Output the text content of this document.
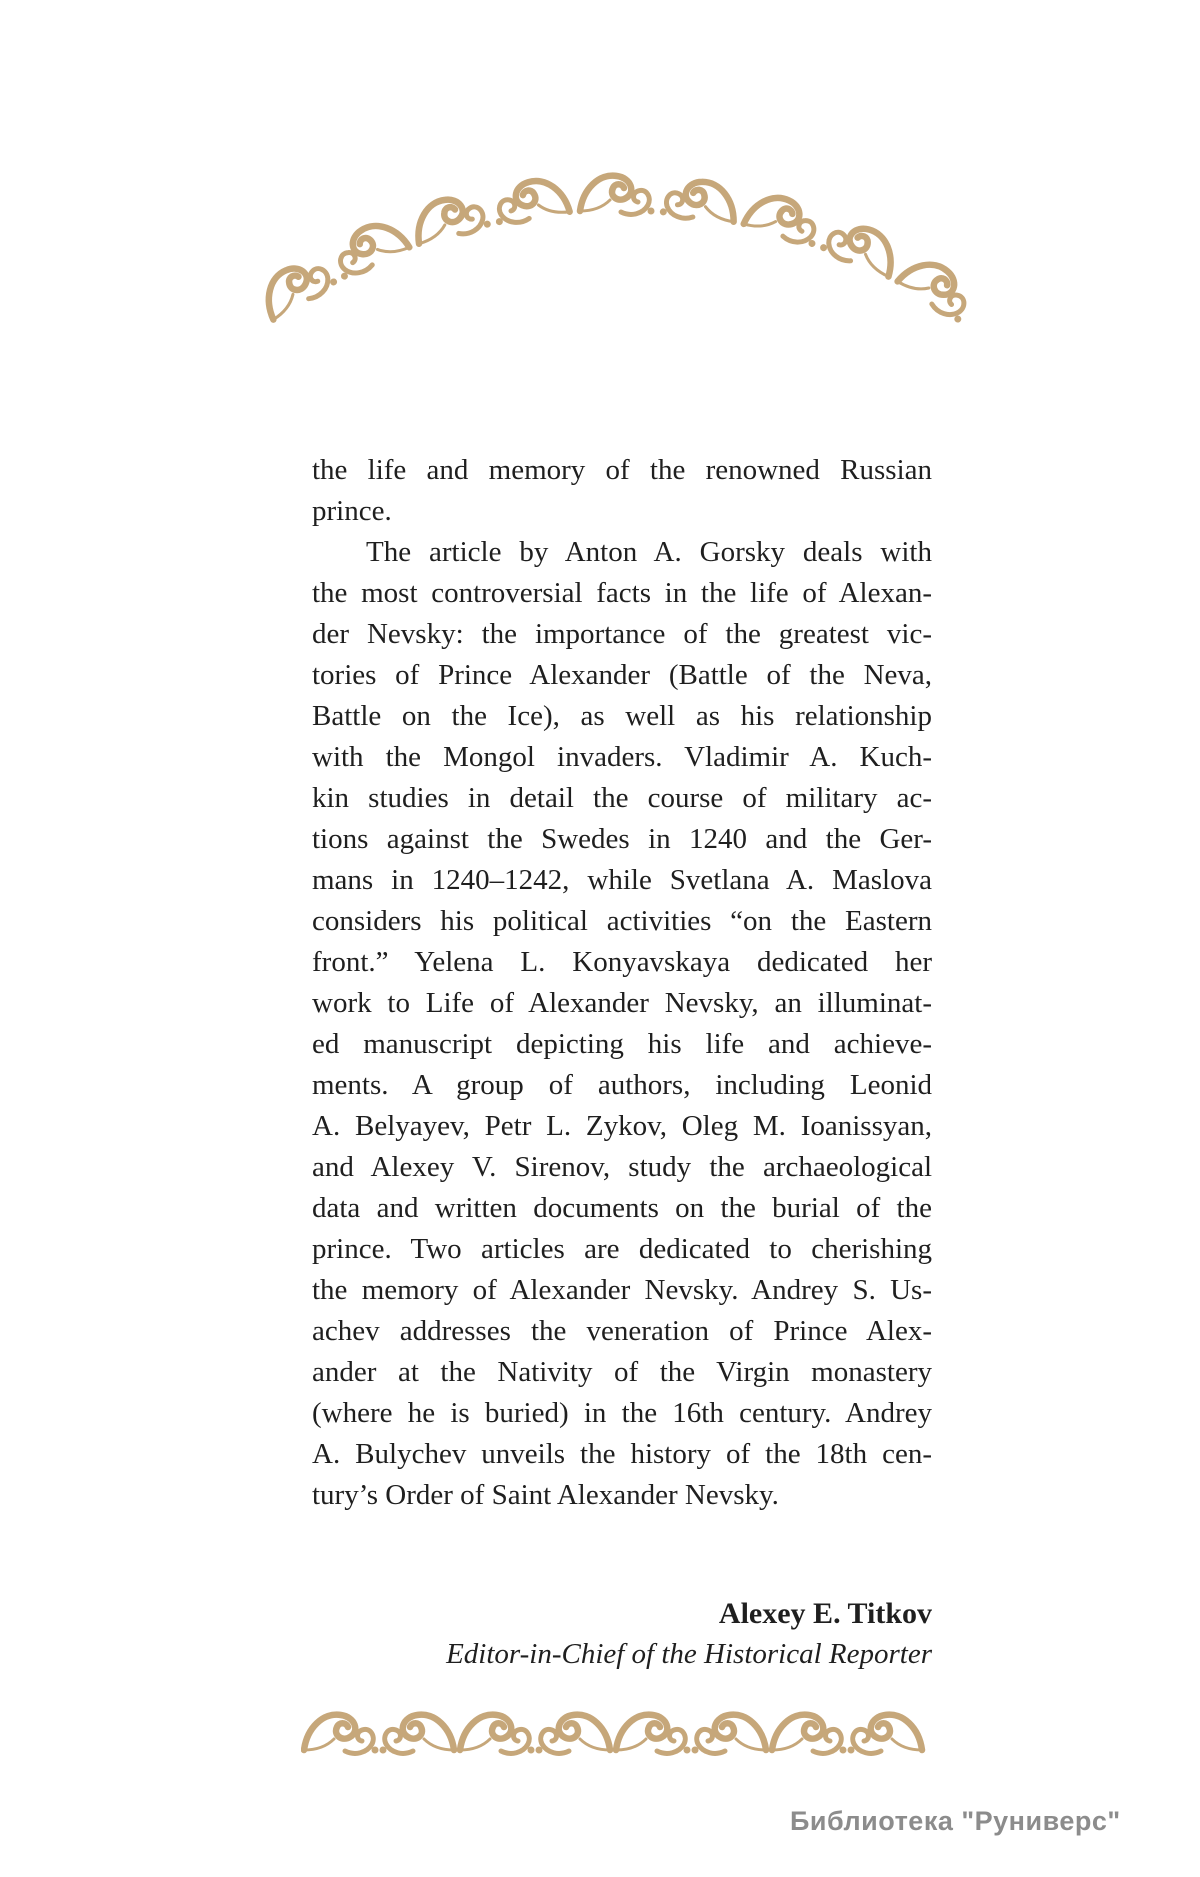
the life and memory of the renowned Russian
prince.
The article by Anton A. Gorsky deals with
the most controversial facts in the life of Alexan-
der Nevsky: the importance of the greatest vic-
tories of Prince Alexander (Battle of the Neva,
Battle on the Ice), as well as his relationship
with the Mongol invaders. Vladimir A. Kuch-
kin studies in detail the course of military ac-
tions against the Swedes in 1240 and the Ger-
mans in 1240–1242, while Svetlana A. Maslova
considers his political activities “on the Eastern
front.” Yelena L. Konyavskaya dedicated her
work to Life of Alexander Nevsky, an illuminat-
ed manuscript depicting his life and achieve-
ments. A group of authors, including Leonid
A. Belyayev, Petr L. Zykov, Oleg M. Ioanissyan,
and Alexey V. Sirenov, study the archaeological
data and written documents on the burial of the
prince. Two articles are dedicated to cherishing
the memory of Alexander Nevsky. Andrey S. Us-
achev addresses the veneration of Prince Alex-
ander at the Nativity of the Virgin monastery
(where he is buried) in the 16th century. Andrey
A. Bulychev unveils the history of the 18th cen-
tury’s Order of Saint Alexander Nevsky.
Alexey E. Titkov
Editor-in-Chief of the Historical Reporter
Библиотека "Руниверс"
